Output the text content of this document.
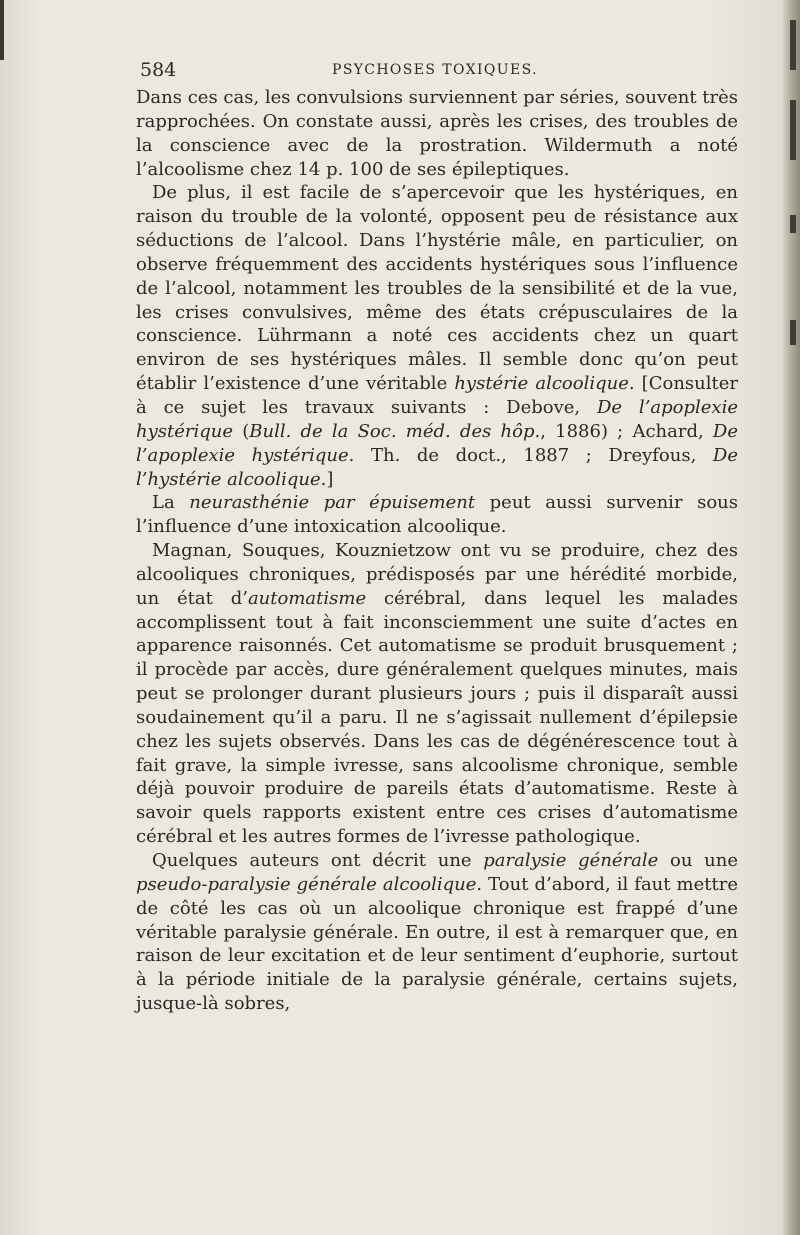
584	PSYCHOSES TOXIQUES.

Dans ces cas, les convulsions surviennent par séries, souvent très rapprochées. On constate aussi, après les crises, des troubles de la conscience avec de la prostration. Wildermuth a noté l’alcoolisme chez 14 p. 100 de ses épileptiques.

De plus, il est facile de s’apercevoir que les hystériques, en raison du trouble de la volonté, opposent peu de résistance aux séductions de l’alcool. Dans l’hystérie mâle, en particulier, on observe fréquemment des accidents hystériques sous l’influence de l’alcool, notamment les troubles de la sensibilité et de la vue, les crises convulsives, même des états crépusculaires de la conscience. Lührmann a noté ces accidents chez un quart environ de ses hystériques mâles. Il semble donc qu’on peut établir l’existence d’une véritable hystérie alcoolique. [Consulter à ce sujet les travaux suivants : Debove, De l’apoplexie hystérique (Bull. de la Soc. méd. des hôp., 1886) ; Achard, De l’apoplexie hystérique. Th. de doct., 1887 ; Dreyfous, De l’hystérie alcoolique.]

La neurasthénie par épuisement peut aussi survenir sous l’influence d’une intoxication alcoolique.

Magnan, Souques, Kouznietzow ont vu se produire, chez des alcooliques chroniques, prédisposés par une hérédité morbide, un état d’automatisme cérébral, dans lequel les malades accomplissent tout à fait inconsciemment une suite d’actes en apparence raisonnés. Cet automatisme se produit brusquement ; il procède par accès, dure généralement quelques minutes, mais peut se prolonger durant plusieurs jours ; puis il disparaît aussi soudainement qu’il a paru. Il ne s’agissait nullement d’épilepsie chez les sujets observés. Dans les cas de dégénérescence tout à fait grave, la simple ivresse, sans alcoolisme chronique, semble déjà pouvoir produire de pareils états d’automatisme. Reste à savoir quels rapports existent entre ces crises d’automatisme cérébral et les autres formes de l’ivresse pathologique.

Quelques auteurs ont décrit une paralysie générale ou une pseudo-paralysie générale alcoolique. Tout d’abord, il faut mettre de côté les cas où un alcoolique chronique est frappé d’une véritable paralysie générale. En outre, il est à remarquer que, en raison de leur excitation et de leur sentiment d’euphorie, surtout à la période initiale de la paralysie générale, certains sujets, jusque-là sobres,
